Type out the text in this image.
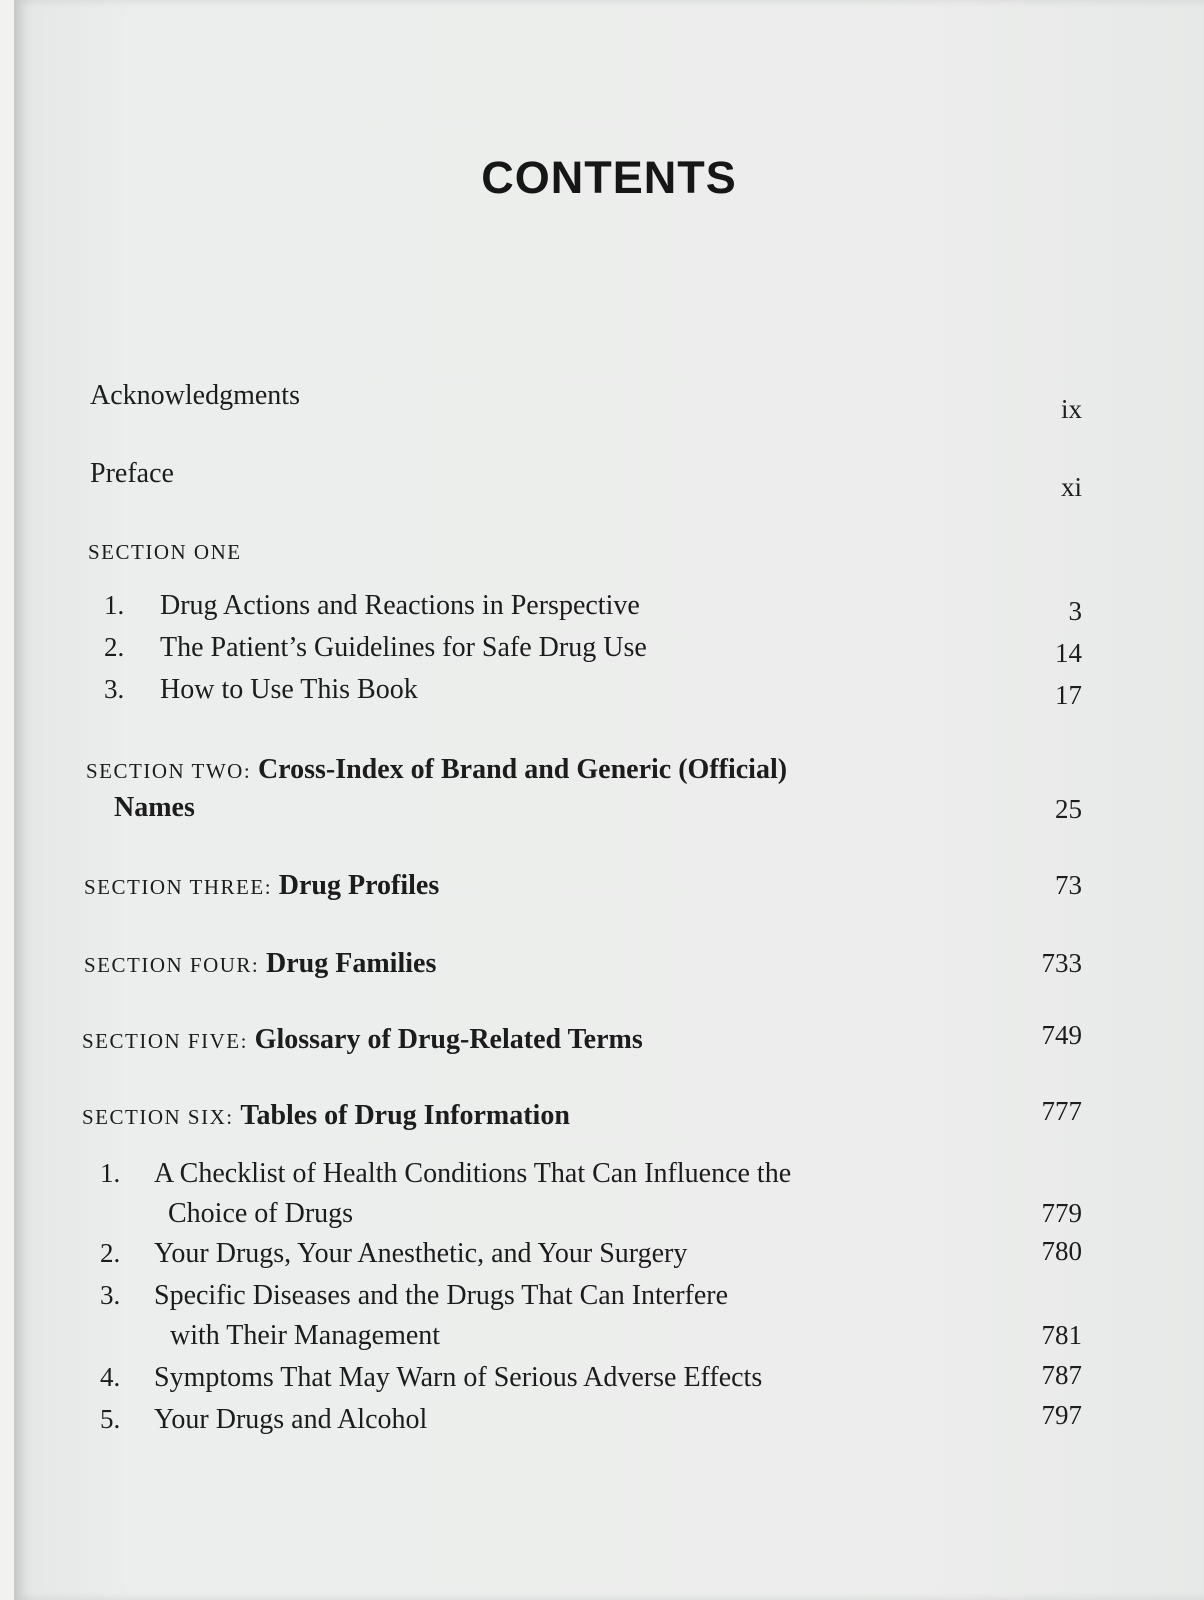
CONTENTS
Acknowledgments	ix
Preface	xi
SECTION ONE
1. Drug Actions and Reactions in Perspective	3
2. The Patient’s Guidelines for Safe Drug Use	14
3. How to Use This Book	17
SECTION TWO: Cross-Index of Brand and Generic (Official)
Names	25
SECTION THREE: Drug Profiles	73
SECTION FOUR: Drug Families	733
SECTION FIVE: Glossary of Drug-Related Terms	749
SECTION SIX: Tables of Drug Information	777
1. A Checklist of Health Conditions That Can Influence the
Choice of Drugs	779
2. Your Drugs, Your Anesthetic, and Your Surgery	780
3. Specific Diseases and the Drugs That Can Interfere
with Their Management	781
4. Symptoms That May Warn of Serious Adverse Effects	787
5. Your Drugs and Alcohol	797
